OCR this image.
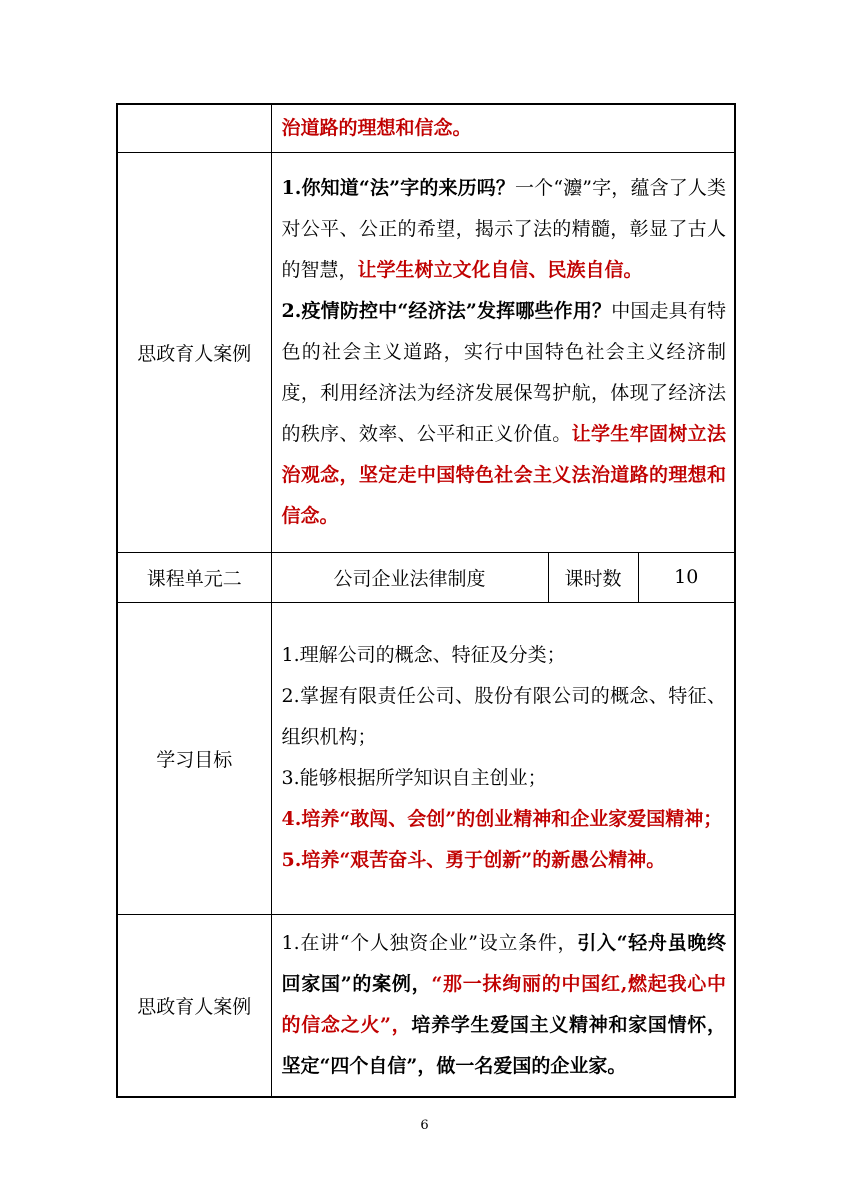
	治道路的理想和信念。		
思政育人案例	1.你知道“法”字的来历吗？一个“灋”字，蕴含了人类对公平、公正的希望，揭示了法的精髓，彰显了古人的智慧，让学生树立文化自信、民族自信。

2.疫情防控中“经济法”发挥哪些作用？中国走具有特色的社会主义道路，实行中国特色社会主义经济制度，利用经济法为经济发展保驾护航，体现了经济法的秩序、效率、公平和正义价值。让学生牢固树立法治观念，坚定走中国特色社会主义法治道路的理想和信念。		

课程单元二	公司企业法律制度	课时数	10
学习目标	1.理解公司的概念、特征及分类；

2.掌握有限责任公司、股份有限公司的概念、特征、组织机构；

3.能够根据所学知识自主创业；

4.培养“敢闯、会创”的创业精神和企业家爱国精神；

5.培养“艰苦奋斗、勇于创新”的新愚公精神。		

思政育人案例	1.在讲“个人独资企业”设立条件，引入“轻舟虽晚终回家国”的案例，“那一抹绚丽的中国红,燃起我心中的信念之火”，培养学生爱国主义精神和家国情怀，坚定“四个自信”，做一名爱国的企业家。		

6
